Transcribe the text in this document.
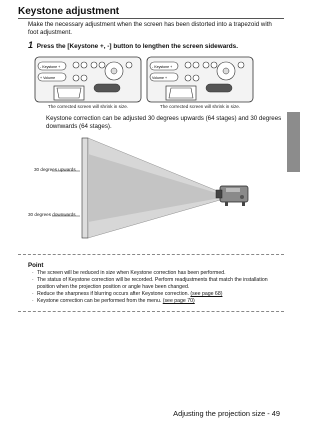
Keystone adjustment
Make the necessary adjustment when the screen has been distorted into a trapezoid with foot adjustment.
1 Press the [Keystone +, -] button to lengthen the screen sidewards.
- Keystone +
+ Volume
The corrected screen will shrink in size.
- Keystone +
Volume +
The corrected screen will shrink in size.
Keystone correction can be adjusted 30 degrees upwards (64 stages) and 30 degrees downwards (64 stages).
30 degrees upwards
30 degrees downwards
Point
· The screen will be reduced in size when Keystone correction has been performed.
· The status of Keystone correction will be recorded. Perform readjustments that match the installation position when the projection position or angle have been changed.
· Reduce the sharpness if blurring occurs after Keystone correction. (see page 68)
· Keystone correction can be performed from the menu. (see page 70)
Adjusting the projection size - 49
